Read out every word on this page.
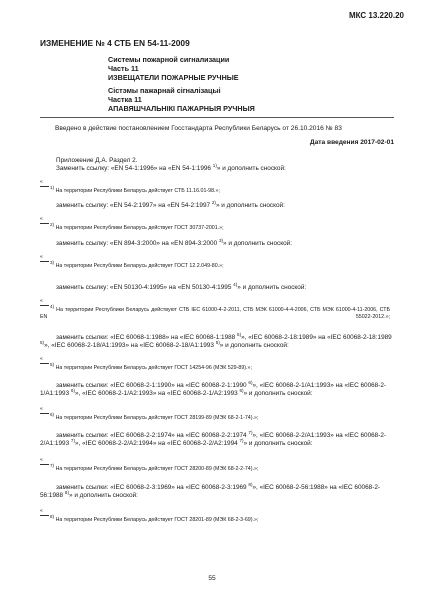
МКС 13.220.20
ИЗМЕНЕНИЕ № 4 СТБ EN 54-11-2009
Системы пожарной сигнализации
Часть 11
ИЗВЕЩАТЕЛИ ПОЖАРНЫЕ РУЧНЫЕ
Сістэмы пажарнай сігналізацыі
Частка 11
АПАВЯШЧАЛЬНІКІ ПАЖАРНЫЯ РУЧНЫЯ
Введено в действие постановлением Госстандарта Республики Беларусь от 26.10.2016 № 83
Дата введения 2017-02-01
Приложение Д.А. Раздел 2.
Заменить ссылку: «EN 54-1:1996» на «EN 54-1:1996 $^{1)}$» и дополнить сноской:
«
$^{1)}$ На территории Республики Беларусь действует СТБ 11.16.01-98.»;
заменить ссылку: «EN 54-2:1997» на «EN 54-2:1997 $^{2)}$» и дополнить сноской:
«
$^{2)}$ На территории Республики Беларусь действует ГОСТ 30737-2001.»;
заменить ссылку: «EN 894-3:2000» на «EN 894-3:2000 $^{3)}$» и дополнить сноской:
«
$^{3)}$ На территории Республики Беларусь действует ГОСТ 12.2.049-80.»;
заменить ссылку: «EN 50130-4:1995» на «EN 50130-4:1995 $^{4)}$» и дополнить сноской:
«
$^{4)}$ На территории Республики Беларусь действуют СТБ IEC 61000-4-2-2011, СТБ МЭК 61000-4-4-2006, СТБ МЭК 61000-4-11-2006, СТБ EN 55022-2012.»;
заменить ссылки: «IEC 60068-1:1988» на «IEC 60068-1:1988 $^{5)}$», «IEC 60068-2-18:1989» на «IEC 60068-2-18:1989 $^{5)}$», «IEC 60068-2-18/A1:1993» на «IEC 60068-2-18/A1:1993 $^{5)}$» и дополнить сноской:
«
$^{5)}$ На территории Республики Беларусь действует ГОСТ 14254-96 (МЭК 529-89).»;
заменить ссылки: «IEC 60068-2-1:1990» на «IEC 60068-2-1:1990 $^{6)}$», «IEC 60068-2-1/A1:1993» на «IEC 60068-2-1/A1:1993 $^{6)}$», «IEC 60068-2-1/A2:1993» на «IEC 60068-2-1/A2:1993 $^{6)}$» и дополнить сноской:
«
$^{6)}$ На территории Республики Беларусь действует ГОСТ 28199-89 (МЭК 68-2-1-74).»;
заменить ссылки: «IEC 60068-2-2:1974» на «IEC 60068-2-2:1974 $^{7)}$», «IEC 60068-2-2/A1:1993» на «IEC 60068-2-2/A1:1993 $^{7)}$», «IEC 60068-2-2/A2:1994» на «IEC 60068-2-2/A2:1994 $^{7)}$» и дополнить сноской:
«
$^{7)}$ На территории Республики Беларусь действует ГОСТ 28200-89 (МЭК 68-2-2-74).»;
заменить ссылки: «IEC 60068-2-3:1969» на «IEC 60068-2-3:1969 $^{8)}$», «IEC 60068-2-56:1988» на «IEC 60068-2-56:1988 $^{8)}$» и дополнить сноской:
«
$^{8)}$ На территории Республики Беларусь действует ГОСТ 28201-89 (МЭК 68-2-3-69).»;
55
